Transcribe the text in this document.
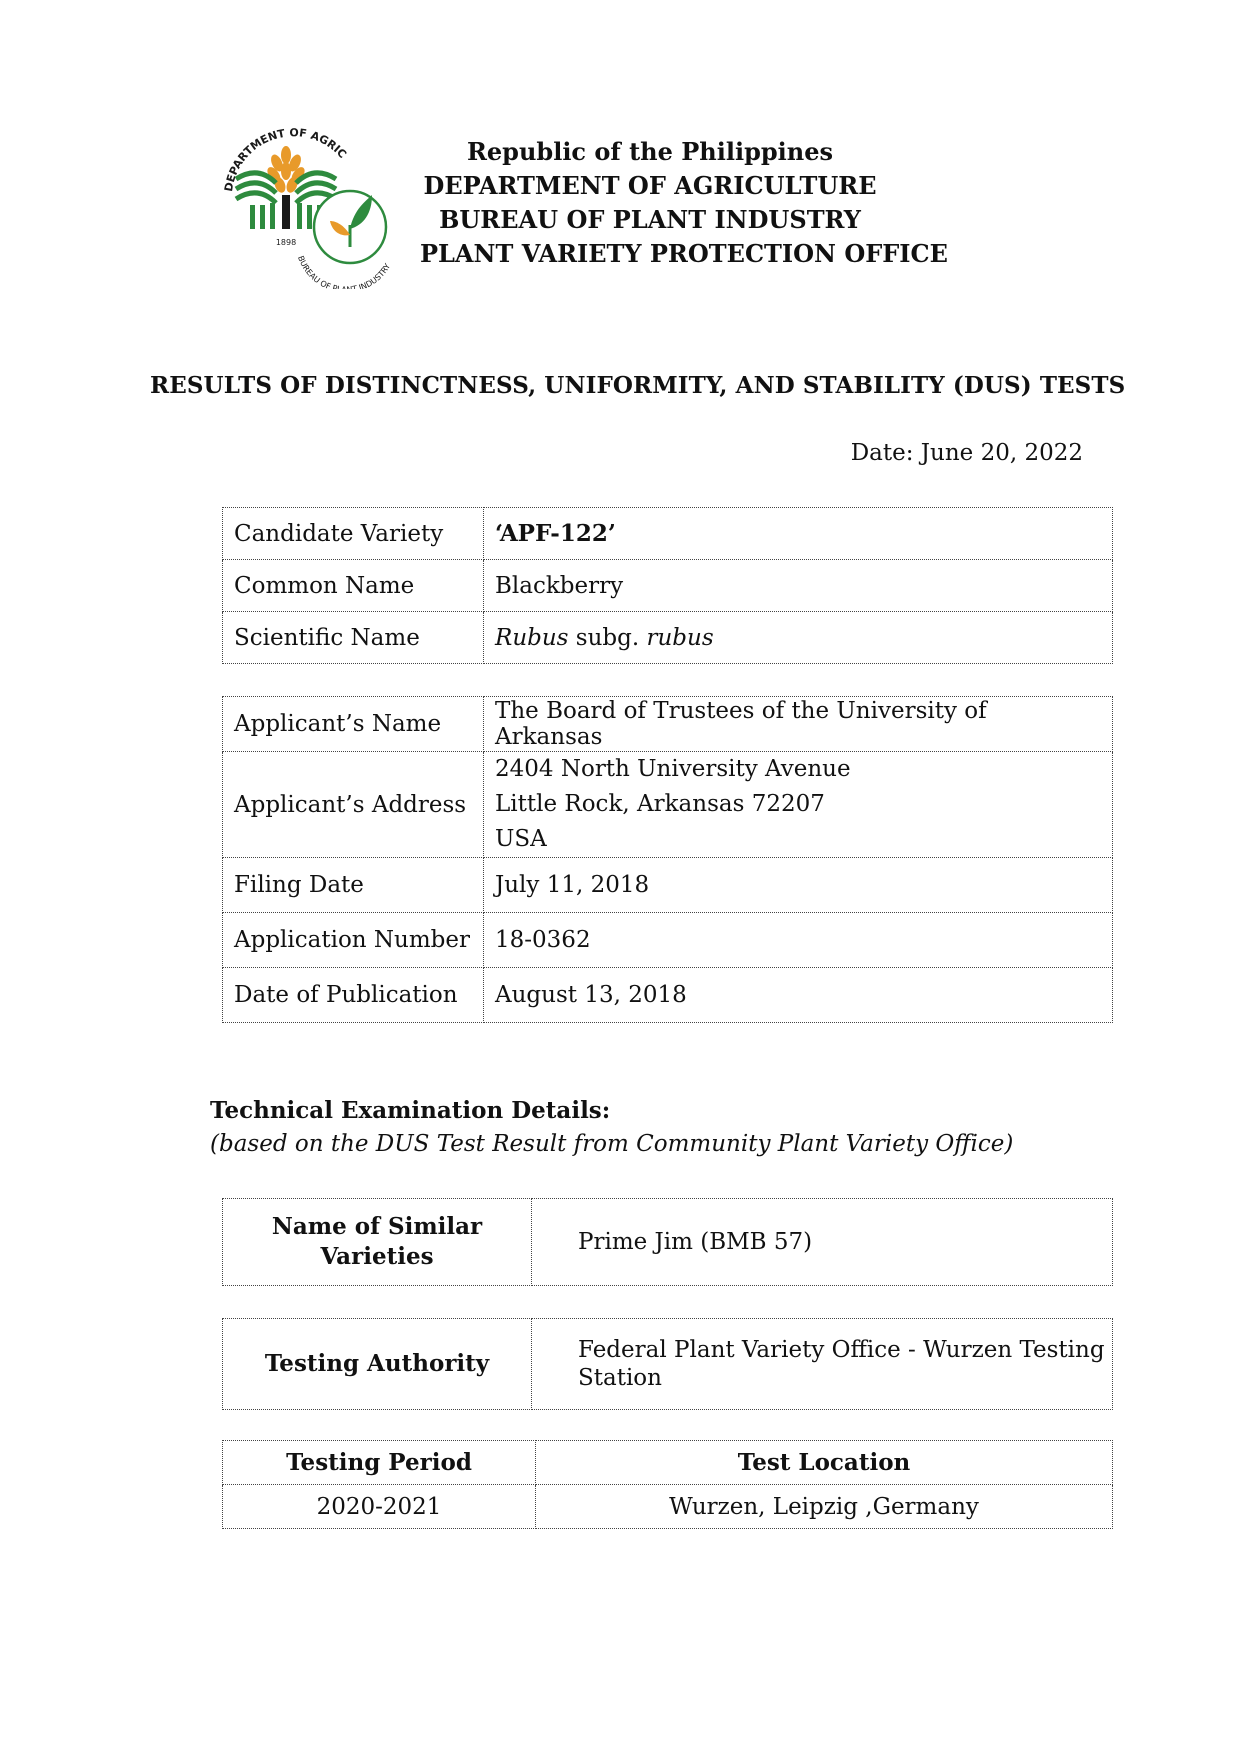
DEPARTMENT OF AGRIC
1898
BUREAU OF P T INDUSTRY
Republic of the Philippines
DEPARTMENT OF AGRICULTURE
BUREAU OF PLANT INDUSTRY
PLANT VARIETY PROTECTION OFFICE
RESULTS OF DISTINCTNESS, UNIFORMITY, AND STABILITY (DUS) TESTS
Date: June 20, 2022
Candidate Variety	‘APF-122’
Common Name	Blackberry
Scientific Name	Rubus subg. rubus
Applicant’s Name	The Board of Trustees of the University of Arkansas
Applicant’s Address	2404 North University Avenue
Little Rock, Arkansas 72207
USA

Filing Date	July 11, 2018
Application Number	18-0362
Date of Publication	August 13, 2018
Technical Examination Details:
(based on the DUS Test Result from Community Plant Variety Office)
Name of Similar
Varieties
	Prime Jim (BMB 57)
Testing Authority	Federal Plant Variety Office - Wurzen Testing
Station
Testing Period	Test Location
2020-2021	Wurzen, Leipzig ,Germany
